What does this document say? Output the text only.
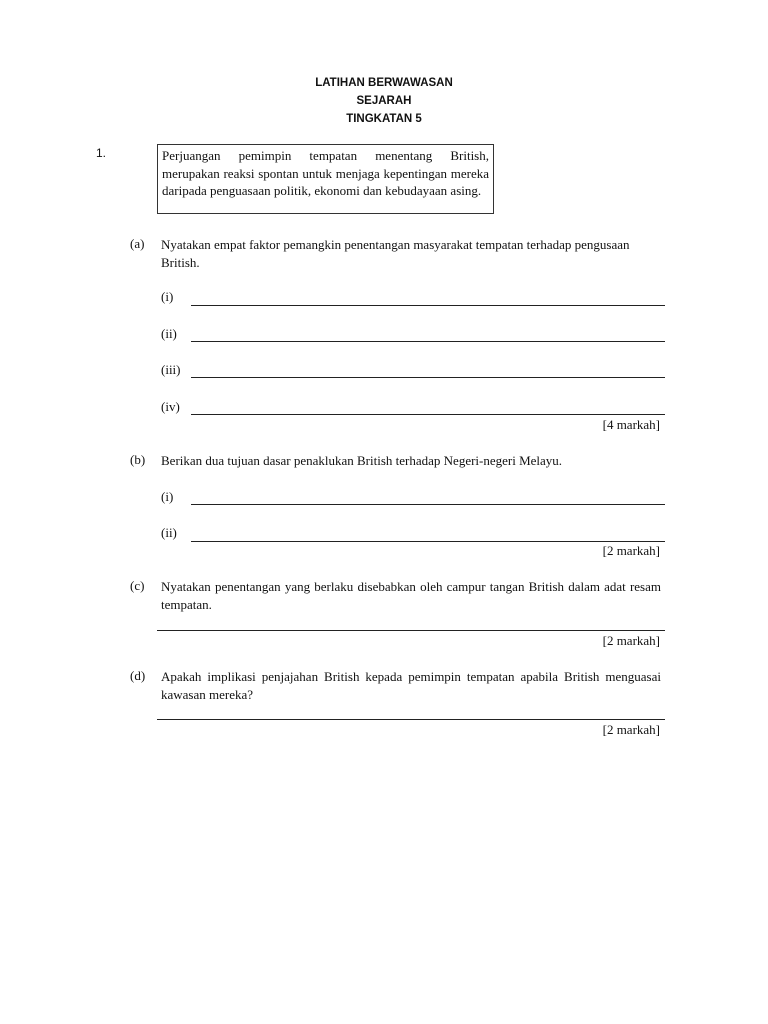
LATIHAN BERWAWASAN
SEJARAH
TINGKATAN 5
1.	Perjuangan pemimpin tempatan menentang British, merupakan reaksi spontan untuk menjaga kepentingan mereka daripada penguasaan politik, ekonomi dan kebudayaan asing.
(a) Nyatakan empat faktor pemangkin penentangan masyarakat tempatan terhadap pengusaan British.
(i)
(ii)
(iii)
(iv)
[4 markah]
(b) Berikan dua tujuan dasar penaklukan British terhadap Negeri-negeri Melayu.
(i)
(ii)
[2 markah]
(c) Nyatakan penentangan yang berlaku disebabkan oleh campur tangan British dalam adat resam tempatan.
[2 markah]
(d) Apakah implikasi penjajahan British kepada pemimpin tempatan apabila British menguasai kawasan mereka?
[2 markah]
